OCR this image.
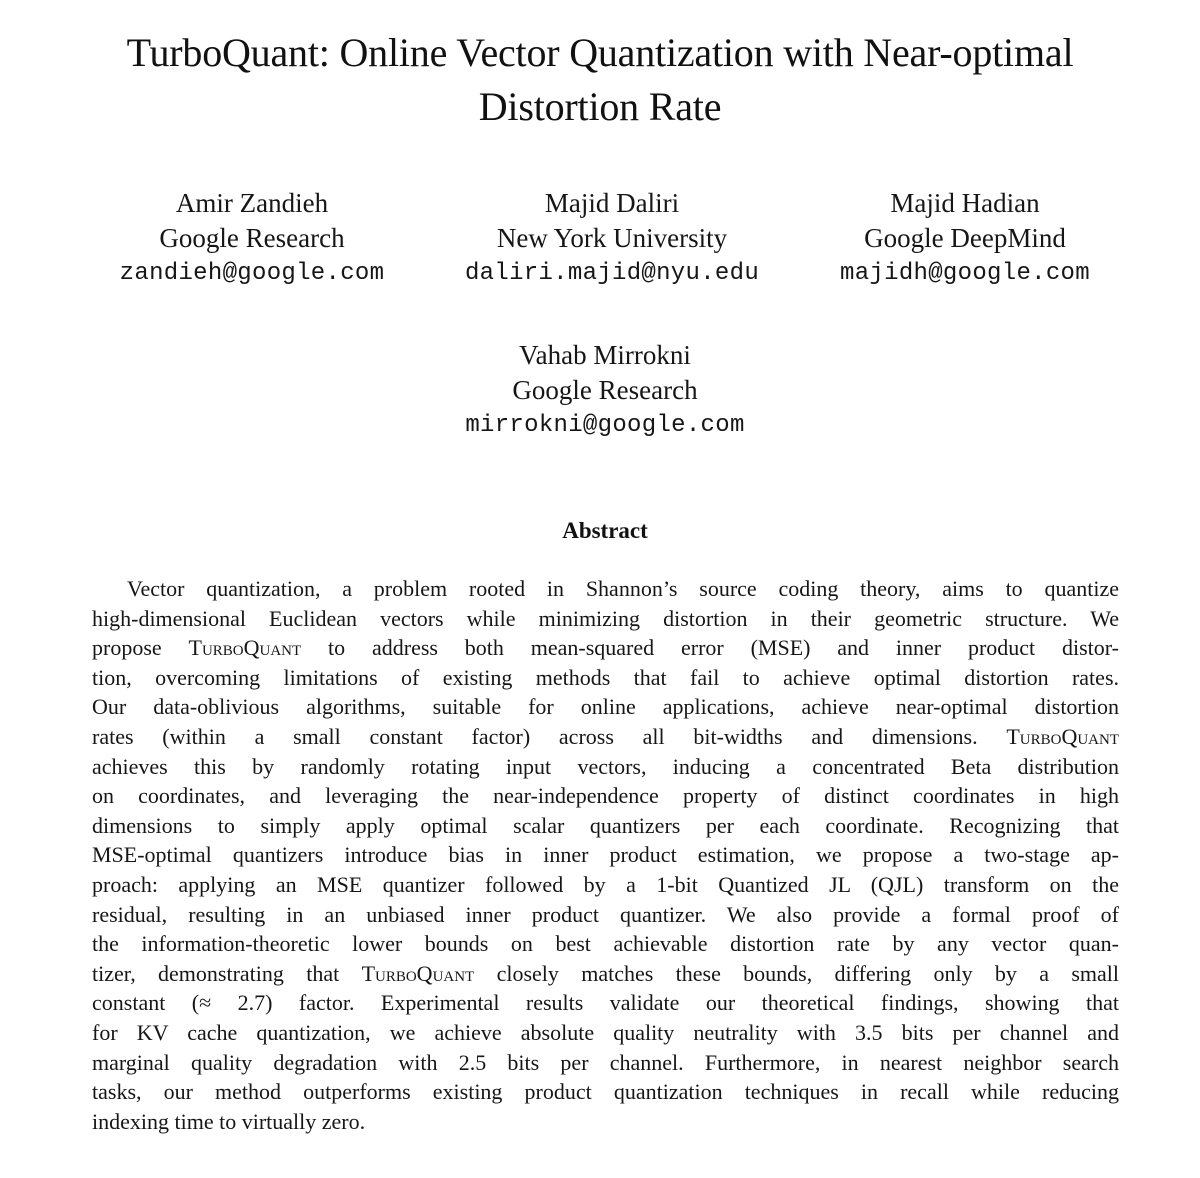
TurboQuant: Online Vector Quantization with Near-optimal
Distortion Rate
Amir Zandieh
Google Research
zandieh@google.com
Majid Daliri
New York University
daliri.majid@nyu.edu
Majid Hadian
Google DeepMind
majidh@google.com
Vahab Mirrokni
Google Research
mirrokni@google.com
Abstract
Vector quantization, a problem rooted in Shannon’s source coding theory, aims to quantize
high-dimensional Euclidean vectors while minimizing distortion in their geometric structure. We
propose TurboQuant to address both mean-squared error (MSE) and inner product distor-
tion, overcoming limitations of existing methods that fail to achieve optimal distortion rates.
Our data-oblivious algorithms, suitable for online applications, achieve near-optimal distortion
rates (within a small constant factor) across all bit-widths and dimensions. TurboQuant
achieves this by randomly rotating input vectors, inducing a concentrated Beta distribution
on coordinates, and leveraging the near-independence property of distinct coordinates in high
dimensions to simply apply optimal scalar quantizers per each coordinate. Recognizing that
MSE-optimal quantizers introduce bias in inner product estimation, we propose a two-stage ap-
proach: applying an MSE quantizer followed by a 1-bit Quantized JL (QJL) transform on the
residual, resulting in an unbiased inner product quantizer. We also provide a formal proof of
the information-theoretic lower bounds on best achievable distortion rate by any vector quan-
tizer, demonstrating that TurboQuant closely matches these bounds, differing only by a small
constant (≈ 2.7) factor. Experimental results validate our theoretical findings, showing that
for KV cache quantization, we achieve absolute quality neutrality with 3.5 bits per channel and
marginal quality degradation with 2.5 bits per channel. Furthermore, in nearest neighbor search
tasks, our method outperforms existing product quantization techniques in recall while reducing
indexing time to virtually zero.
